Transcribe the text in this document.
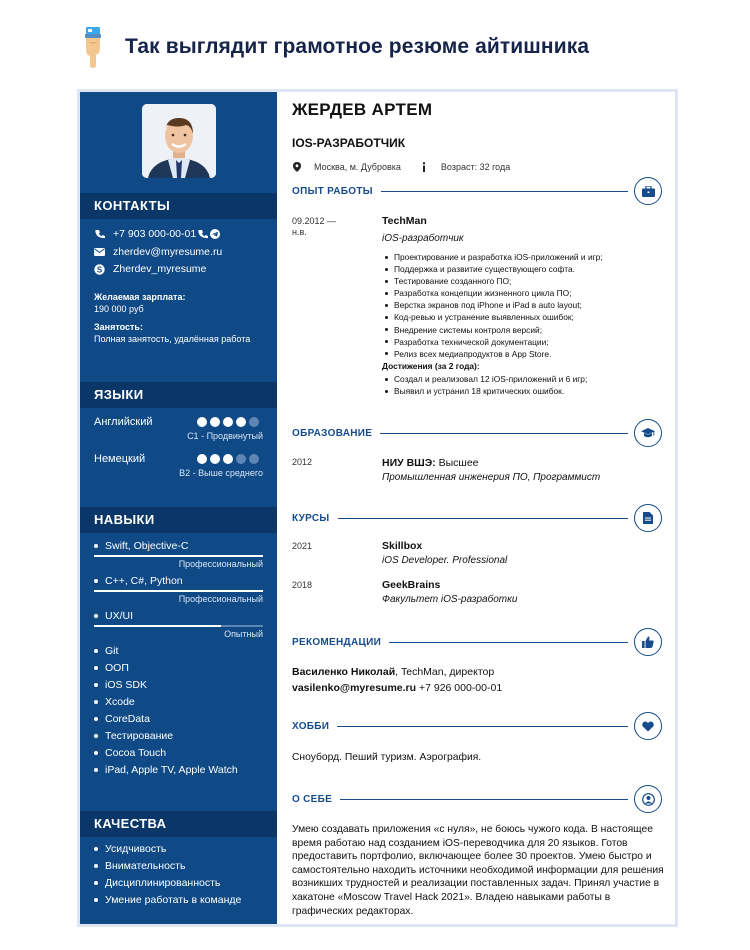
Так выглядит грамотное резюме айтишника
КОНТАКТЫ
+7 903 000-00-01
zherdev@myresume.ru
S Zherdev_myresume
Желаемая зарплата:
190 000 руб
Занятость:
Полная занятость, удалённая работа
ЯЗЫКИ
Английский
C1 - Продвинутый
Немецкий
B2 - Выше среднего
НАВЫКИ
Swift, Objective-C
Профессиональный
C++, C#, Python
Профессиональный
UX/UI
Опытный
Git
ООП
iOS SDK
Xcode
CoreData
Тестирование
Cocoa Touch
iPad, Apple TV, Apple Watch
КАЧЕСТВА
Усидчивость
Внимательность
Дисциплинированность
Умение работать в команде
ЖЕРДЕВ АРТЕМ
IOS-РАЗРАБОТЧИК
Москва, м. Дубровка	Возраст: 32 года
ОПЫТ РАБОТЫ
09.2012 —
н.в.
TechMan
iOS-разработчик
Проектирование и разработка iOS-приложений и игр;
Поддержка и развитие существующего софта.
Тестирование созданного ПО;
Разработка концепции жизненного цикла ПО;
Верстка экранов под iPhone и iPad в auto layout;
Код-ревью и устранение выявленных ошибок;
Внедрение системы контроля версий;
Разработка технической документации;
Релиз всех медиапродуктов в App Store.
Достижения (за 2 года):
Создал и реализовал 12 iOS-приложений и 6 игр;
Выявил и устранил 18 критических ошибок.
ОБРАЗОВАНИЕ
2012	НИУ ВШЭ: Высшее
Промышленная инженерия ПО, Программист
КУРСЫ
2021	Skillbox
iOS Developer. Professional
2018	GeekBrains
Факультет iOS-разработки
РЕКОМЕНДАЦИИ
Василенко Николай, TechMan, директор
vasilenko@myresume.ru +7 926 000-00-01
ХОББИ
Сноуборд. Пеший туризм. Аэрография.
О СЕБЕ
Умею создавать приложения «с нуля», не боюсь чужого кода. В настоящее время работаю над созданием iOS-переводчика для 20 языков. Готов предоставить портфолио, включающее более 30 проектов. Умею быстро и самостоятельно находить источники необходимой информации для решения возникших трудностей и реализации поставленных задач. Принял участие в хакатоне «Moscow Travel Hack 2021». Владею навыками работы в графических редакторах.
